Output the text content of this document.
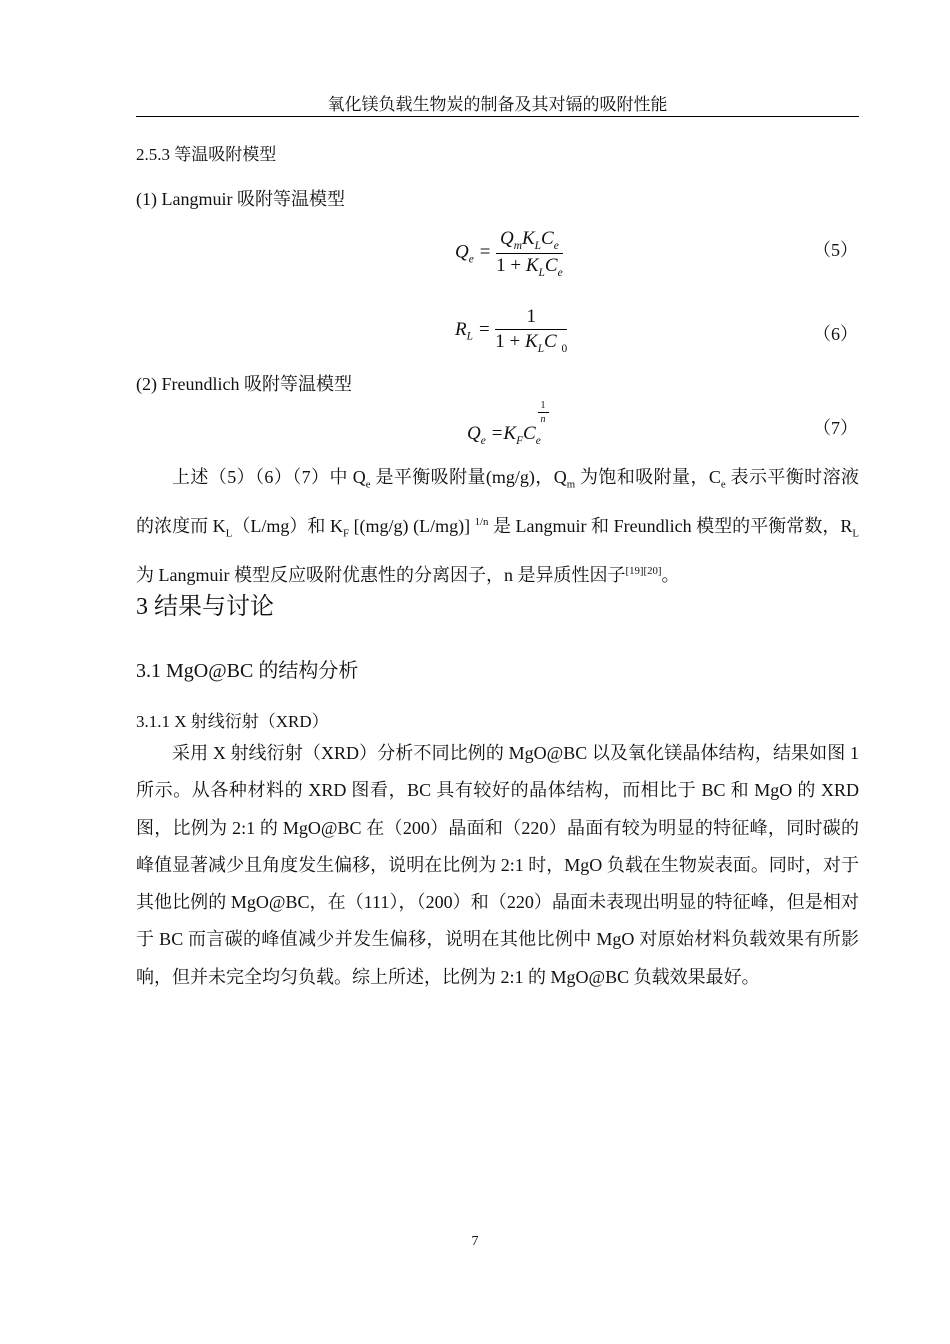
氧化镁负载生物炭的制备及其对镉的吸附性能
2.5.3 等温吸附模型
(1) Langmuir 吸附等温模型
$Q_e = \frac{Q_mK_LC_e}{1 + K_LC_e}$	（5）
$R_L = \frac{1}{1 + K_LC _0}$	（6）
(2) Freundlich 吸附等温模型
$Q_e =K_FC_e$
$\frac{1}{n}$
（7）
上述（5）（6）（7）中 $Q_e$ 是平衡吸附量(mg/g)，$Q_m$ 为饱和吸附量，$C_e$ 表示平衡时溶液的浓度而 $K_L(L/mg)$和 $K_F$ [(mg/g) (L/mg)] $^{1/n}$ 是 Langmuir 和 Freundlich 模型的平衡常数，$R_L$ 为 Langmuir 模型反应吸附优惠性的分离因子，n 是异质性因子[19][20]。
3 结果与讨论
3.1 MgO@BC 的结构分析
3.1.1 X 射线衍射（XRD）
采用 X 射线衍射（XRD）分析不同比例的 MgO@BC 以及氧化镁晶体结构，结果如图 1 所示。从各种材料的 XRD 图看，BC 具有较好的晶体结构，而相比于 BC 和 MgO 的 XRD 图，比例为 2:1 的 MgO@BC 在（200）晶面和（220）晶面有较为明显的特征峰，同时碳的峰值显著减少且角度发生偏移，说明在比例为 2:1 时，MgO 负载在生物炭表面。同时，对于其他比例的 MgO@BC，在（111），（200）和（220）晶面未表现出明显的特征峰，但是相对于 BC 而言碳的峰值减少并发生偏移，说明在其他比例中 MgO 对原始材料负载效果有所影响，但并未完全均匀负载。综上所述，比例为 2:1 的 MgO@BC 负载效果最好。
7
